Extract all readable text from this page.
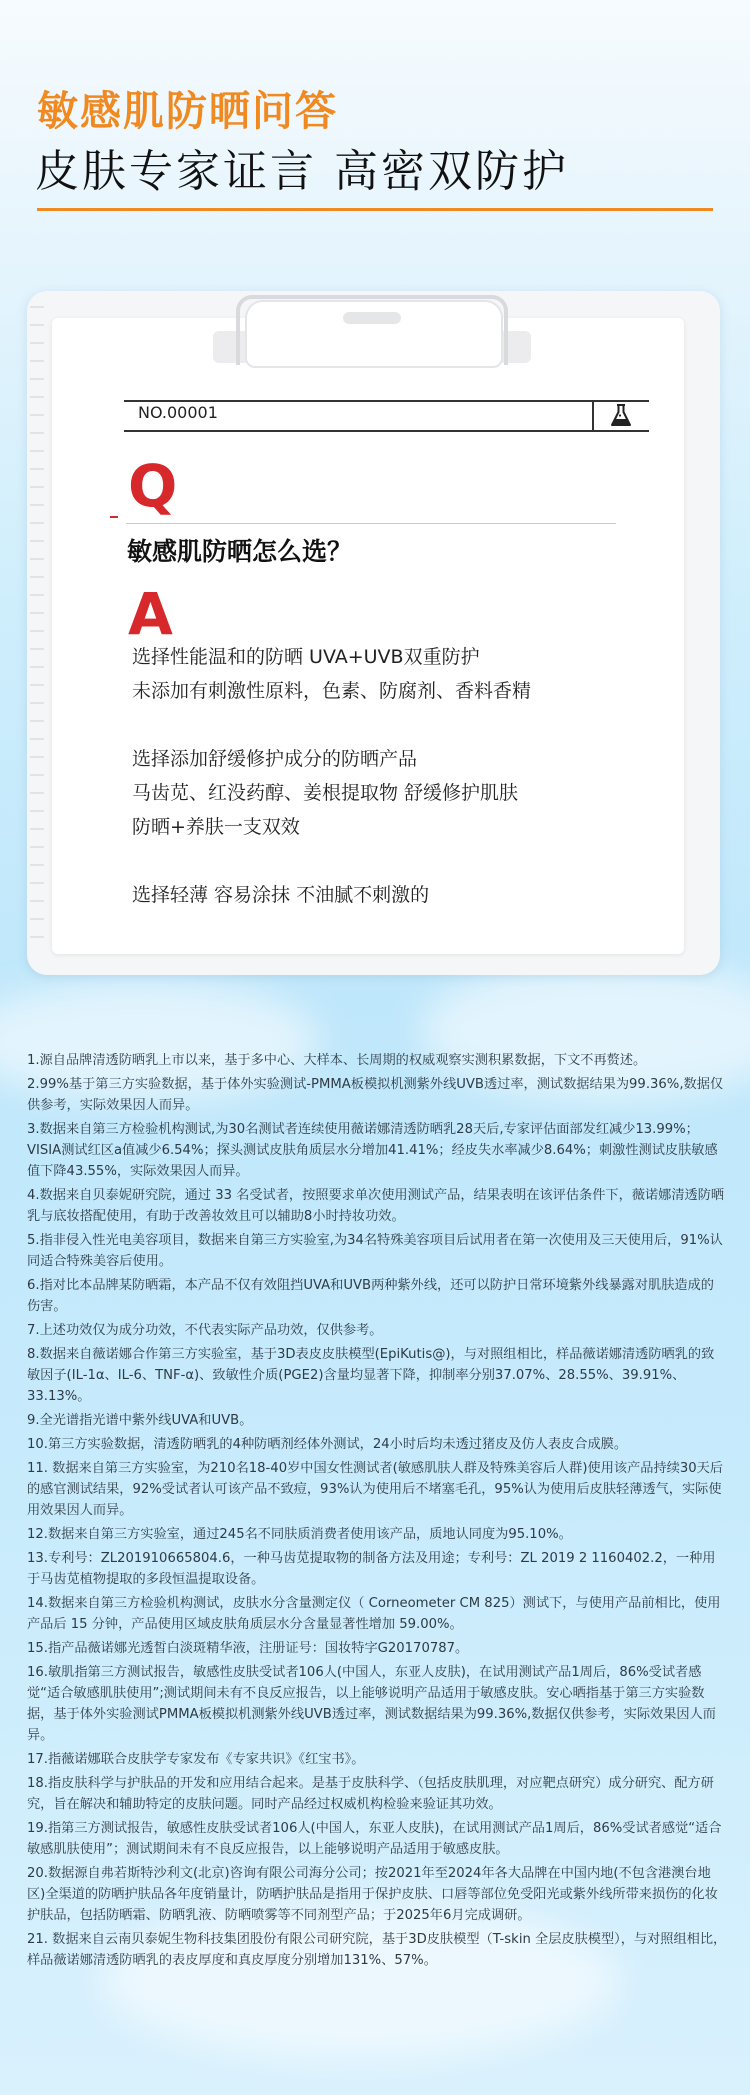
敏感肌防晒问答
皮肤专家证言 高密双防护
NO.00001
Q
敏感肌防晒怎么选？
A
选择性能温和的防晒 UVA+UVB双重防护
未添加有刺激性原料，色素、防腐剂、香料香精
选择添加舒缓修护成分的防晒产品
马齿苋、红没药醇、姜根提取物 舒缓修护肌肤
防晒+养肤一支双效
选择轻薄 容易涂抹 不油腻不刺激的

1.源自品牌清透防晒乳上市以来，基于多中心、大样本、长周期的权威观察实测积累数据，下文不再赘述。

2.99%基于第三方实验数据，基于体外实验测试-PMMA板模拟机测紫外线UVB透过率，测试数据结果为99.36%,数据仅供参考，实际效果因人而异。

3.数据来自第三方检验机构测试,为30名测试者连续使用薇诺娜清透防晒乳28天后,专家评估面部发红减少13.99%；VISIA测试红区a值减少6.54%；探头测试皮肤角质层水分增加41.41%；经皮失水率减少8.64%；刺激性测试皮肤敏感值下降43.55%，实际效果因人而异。

4.数据来自贝泰妮研究院，通过 33 名受试者，按照要求单次使用测试产品，结果表明在该评估条件下，薇诺娜清透防晒乳与底妆搭配使用，有助于改善妆效且可以辅助8小时持妆功效。

5.指非侵入性光电美容项目，数据来自第三方实验室,为34名特殊美容项目后试用者在第一次使用及三天使用后，91%认同适合特殊美容后使用。

6.指对比本品牌某防晒霜，本产品不仅有效阻挡UVA和UVB两种紫外线，还可以防护日常环境紫外线暴露对肌肤造成的伤害。

7.上述功效仅为成分功效，不代表实际产品功效，仅供参考。

8.数据来自薇诺娜合作第三方实验室，基于3D表皮皮肤模型(EpiKutis@)，与对照组相比，样品薇诺娜清透防晒乳的致敏因子(IL-1α、IL-6、TNF-α)、致敏性介质(PGE2)含量均显著下降，抑制率分别37.07%、28.55%、39.91%、33.13%。

9.全光谱指光谱中紫外线UVA和UVB。

10.第三方实验数据，清透防晒乳的4种防晒剂经体外测试，24小时后均未透过猪皮及仿人表皮合成膜。

11. 数据来自第三方实验室，为210名18-40岁中国女性测试者(敏感肌肤人群及特殊美容后人群)使用该产品持续30天后的感官测试结果，92%受试者认可该产品不致痘，93%认为使用后不堵塞毛孔，95%认为使用后皮肤轻薄透气，实际使用效果因人而异。

12.数据来自第三方实验室，通过245名不同肤质消费者使用该产品，质地认同度为95.10%。

13.专利号：ZL201910665804.6，一种马齿苋提取物的制备方法及用途；专利号：ZL 2019 2 1160402.2，一种用于马齿苋植物提取的多段恒温提取设备。

14.数据来自第三方检验机构测试，皮肤水分含量测定仪（ Corneometer CM 825）测试下，与使用产品前相比，使用产品后 15 分钟，产品使用区域皮肤角质层水分含量显著性增加 59.00%。

15.指产品薇诺娜光透皙白淡斑精华液，注册证号：国妆特字G20170787。

16.敏肌指第三方测试报告，敏感性皮肤受试者106人(中国人，东亚人皮肤)，在试用测试产品1周后，86%受试者感觉“适合敏感肌肤使用”;测试期间未有不良反应报告，以上能够说明产品适用于敏感皮肤。安心晒指基于第三方实验数据，基于体外实验测试PMMA板模拟机测紫外线UVB透过率，测试数据结果为99.36%,数据仅供参考，实际效果因人而异。

17.指薇诺娜联合皮肤学专家发布《专家共识》《红宝书》。

18.指皮肤科学与护肤品的开发和应用结合起来。是基于皮肤科学、（包括皮肤肌理，对应靶点研究）成分研究、配方研究，旨在解决和辅助特定的皮肤问题。同时产品经过权威机构检验来验证其功效。

19.指第三方测试报告，敏感性皮肤受试者106人(中国人，东亚人皮肤)，在试用测试产品1周后，86%受试者感觉“适合敏感肌肤使用”；测试期间未有不良反应报告，以上能够说明产品适用于敏感皮肤。

20.数据源自弗若斯特沙利文(北京)咨询有限公司海分公司；按2021年至2024年各大品牌在中国内地(不包含港澳台地区)全渠道的防晒护肤品各年度销量计，防晒护肤品是指用于保护皮肤、口唇等部位免受阳光或紫外线所带来损伤的化妆护肤品，包括防晒霜、防晒乳液、防晒喷雾等不同剂型产品；于2025年6月完成调研。

21. 数据来自云南贝泰妮生物科技集团股份有限公司研究院，基于3D皮肤模型（T-skin 全层皮肤模型），与对照组相比，样品薇诺娜清透防晒乳的表皮厚度和真皮厚度分别增加131%、57%。
